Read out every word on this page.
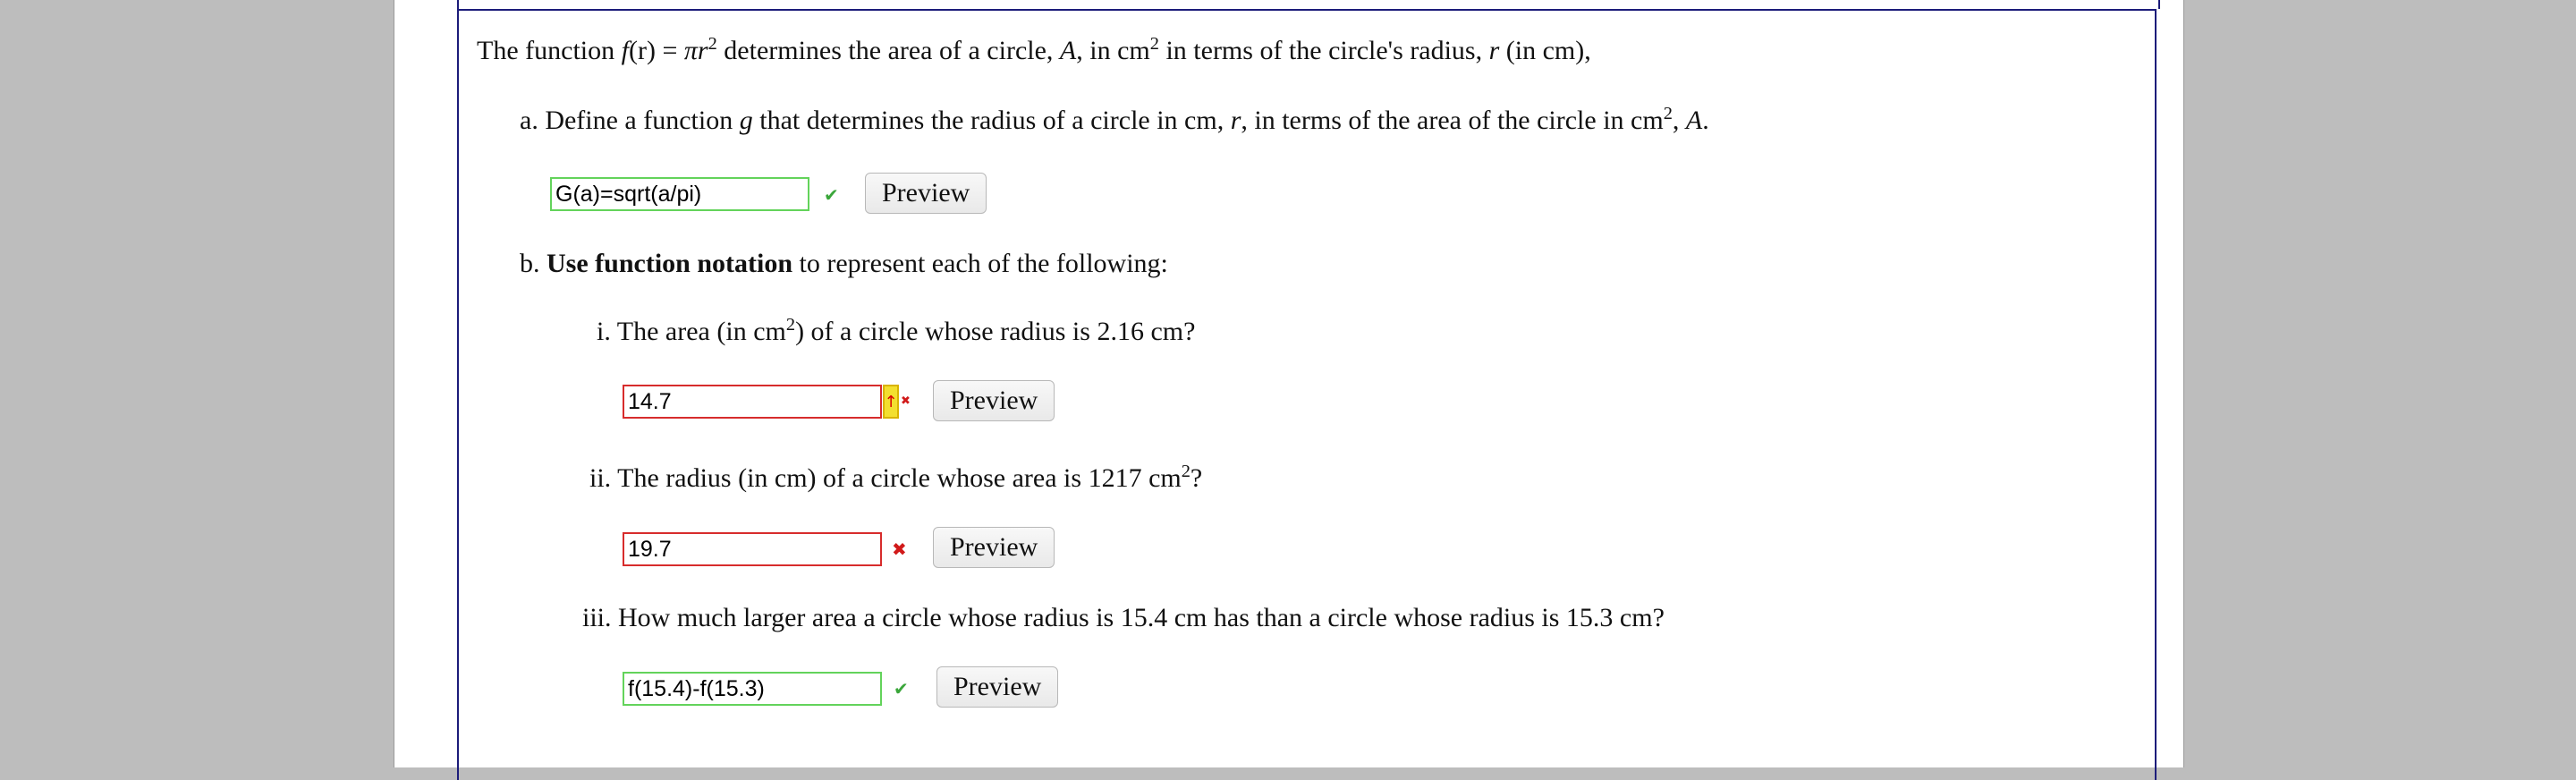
The function $f(r) = \pi r^2$ determines the area of a circle, A, in $cm^2$ in terms of the circle's radius, r (in cm),
a. Define a function g that determines the radius of a circle in cm, r, in terms of the area of the circle in $cm^2$, A.
G(a)=sqrt(a/pi)	✔	Preview
b. Use function notation to represent each of the following:
i. The area (in $cm^2$) of a circle whose radius is 2.16 cm?
14.7	↑ ✖	Preview
ii. The radius (in cm) of a circle whose area is 1217 $cm^2$?
19.7	✖	Preview
iii. How much larger area a circle whose radius is 15.4 cm has than a circle whose radius is 15.3 cm?
f(15.4)-f(15.3)	✔	Preview
